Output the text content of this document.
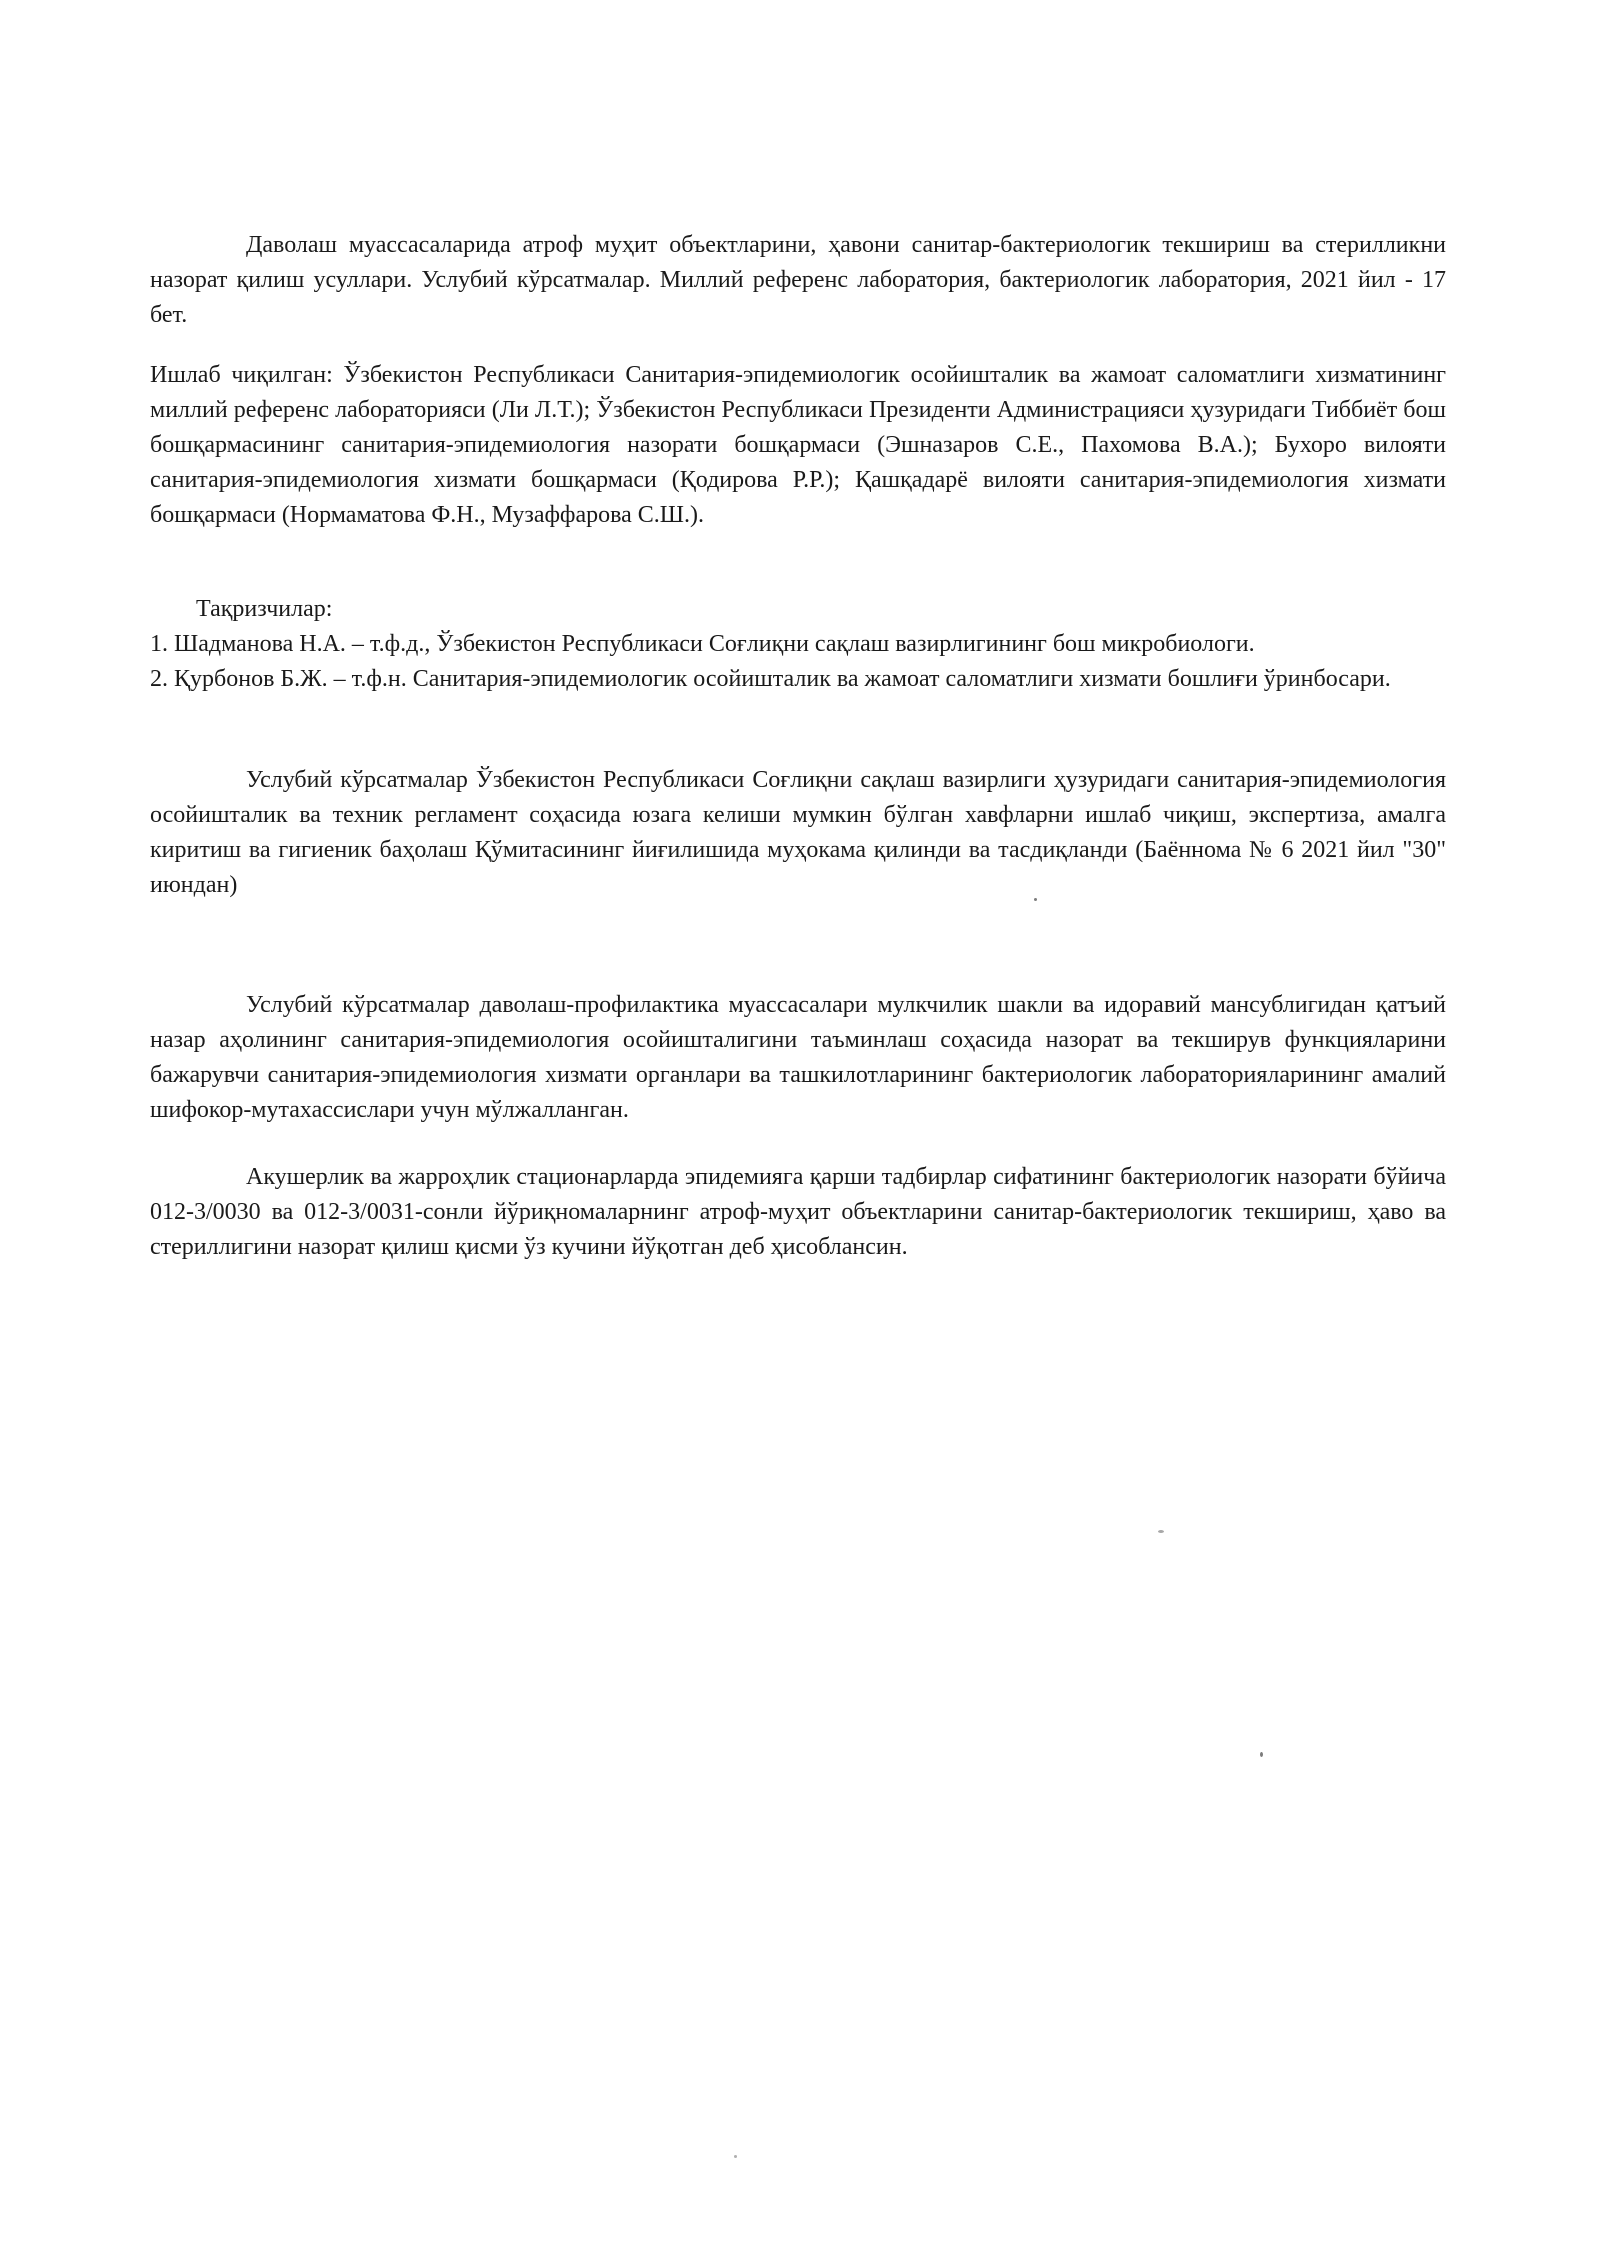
Даволаш муассасаларида атроф муҳит объектларини, ҳавони санитар-бактериологик текшириш ва стерилликни назорат қилиш усуллари. Услубий кўрсатмалар. Миллий референс лаборатория, бактериологик лаборатория, 2021 йил - 17 бет.

Ишлаб чиқилган: Ўзбекистон Республикаси Санитария-эпидемиологик осойишталик ва жамоат саломатлиги хизматининг миллий референс лабораторияси (Ли Л.Т.); Ўзбекистон Республикаси Президенти Администрацияси ҳузуридаги Тиббиёт бош бошқармасининг санитария-эпидемиология назорати бошқармаси (Эшназаров С.Е., Пахомова В.А.); Бухоро вилояти санитария-эпидемиология хизмати бошқармаси (Қодирова Р.Р.); Қашқадарё вилояти санитария-эпидемиология хизмати бошқармаси (Нормаматова Ф.Н., Музаффарова С.Ш.).

Тақризчилар:

1. Шадманова Н.А. – т.ф.д., Ўзбекистон Республикаси Соғлиқни сақлаш вазирлигининг бош микробиологи.

2. Қурбонов Б.Ж. – т.ф.н. Санитария-эпидемиологик осойишталик ва жамоат саломатлиги хизмати бошлиғи ўринбосари.

Услубий кўрсатмалар Ўзбекистон Республикаси Соғлиқни сақлаш вазирлиги ҳузуридаги санитария-эпидемиология осойишталик ва техник регламент соҳасида юзага келиши мумкин бўлган хавфларни ишлаб чиқиш, экспертиза, амалга киритиш ва гигиеник баҳолаш Қўмитасининг йиғилишида муҳокама қилинди ва тасдиқланди (Баённома № 6 2021 йил "30" июндан)

Услубий кўрсатмалар даволаш-профилактика муассасалари мулкчилик шакли ва идоравий мансублигидан қатъий назар аҳолининг санитария-эпидемиология осойишталигини таъминлаш соҳасида назорат ва текширув функцияларини бажарувчи санитария-эпидемиология хизмати органлари ва ташкилотларининг бактериологик лабораторияларининг амалий шифокор-мутахассислари учун мўлжалланган.

Акушерлик ва жарроҳлик стационарларда эпидемияга қарши тадбирлар сифатининг бактериологик назорати бўйича 012-3/0030 ва 012-3/0031-сонли йўриқномаларнинг атроф-муҳит объектларини санитар-бактериологик текшириш, ҳаво ва стериллигини назорат қилиш қисми ўз кучини йўқотган деб ҳисоблансин.
